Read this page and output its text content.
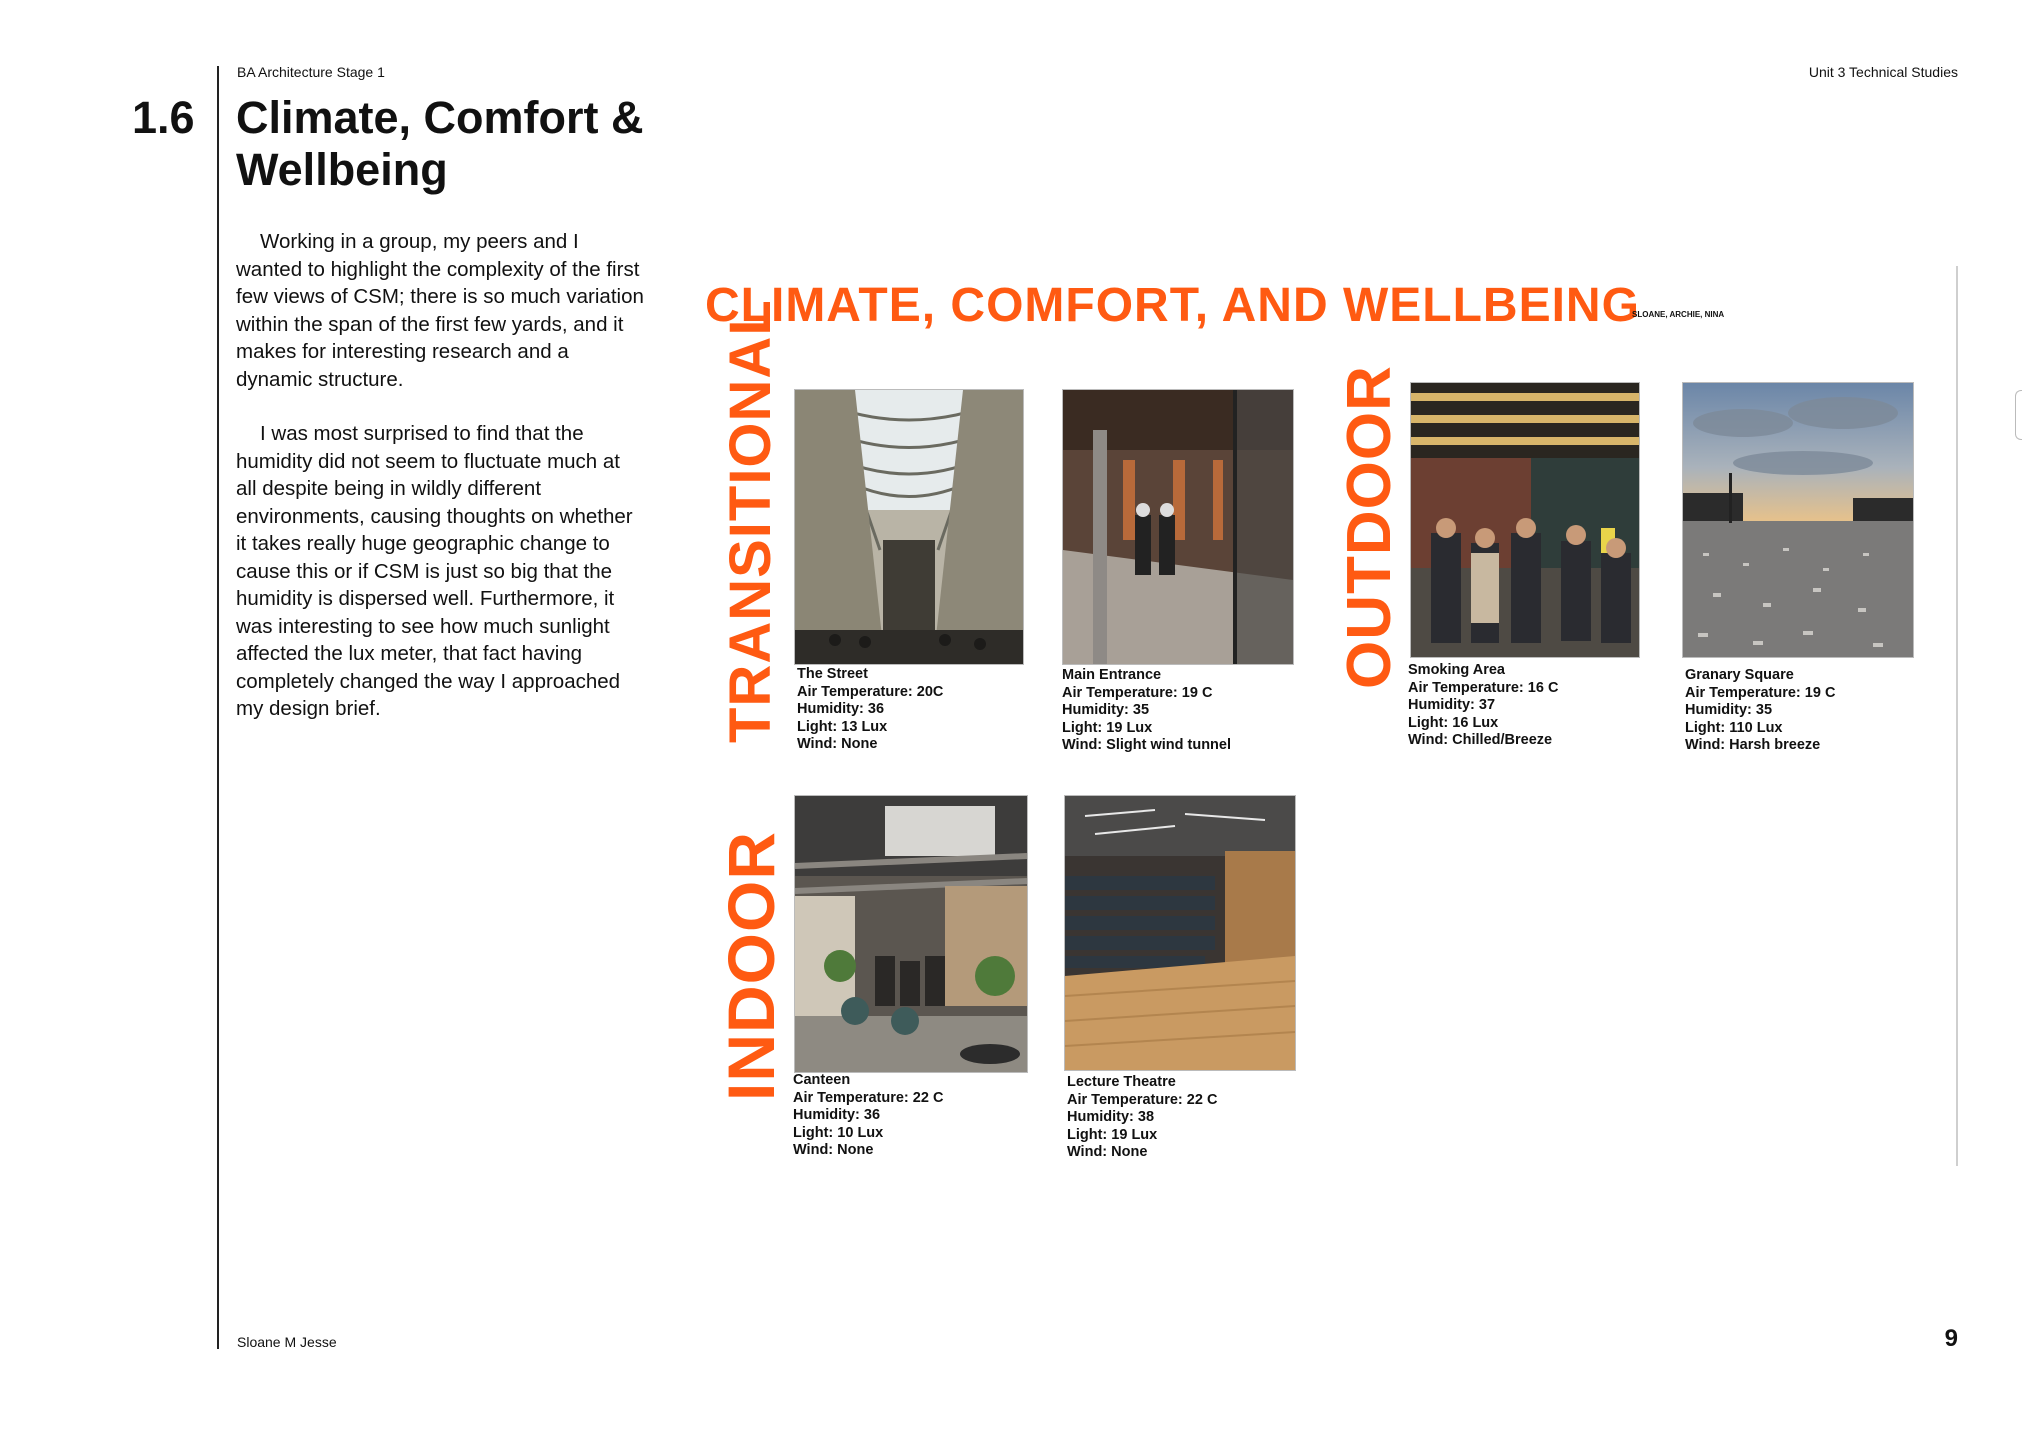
BA Architecture Stage 1	Unit 3 Technical Studies
1.6 Climate, Comfort & Wellbeing

Working in a group, my peers and I wanted to highlight the complexity of the first few views of CSM; there is so much variation within the span of the first few yards, and it makes for interesting research and a dynamic structure.

I was most surprised to find that the humidity did not seem to fluctuate much at all despite being in wildly different environments, causing thoughts on whether it takes really huge geographic change to cause this or if CSM is just so big that the humidity is dispersed well. Furthermore, it was interesting to see how much sunlight affected the lux meter, that fact having completely changed the way I approached my design brief.

CLIMATE, COMFORT, AND WELLBEING
SLOANE, ARCHIE, NINA
TRANSITIONAL	OUTDOOR
INDOOR
The Street
Air Temperature: 20C
Humidity: 36
Light: 13 Lux
Wind: None
Main Entrance
Air Temperature: 19 C
Humidity: 35
Light: 19 Lux
Wind: Slight wind tunnel
Smoking Area
Air Temperature: 16 C
Humidity: 37
Light: 16 Lux
Wind: Chilled/Breeze
Granary Square
Air Temperature: 19 C
Humidity: 35
Light: 110 Lux
Wind: Harsh breeze
Canteen
Air Temperature: 22 C
Humidity: 36
Light: 10 Lux
Wind: None
Lecture Theatre
Air Temperature: 22 C
Humidity: 38
Light: 19 Lux
Wind: None
Sloane M Jesse	9
